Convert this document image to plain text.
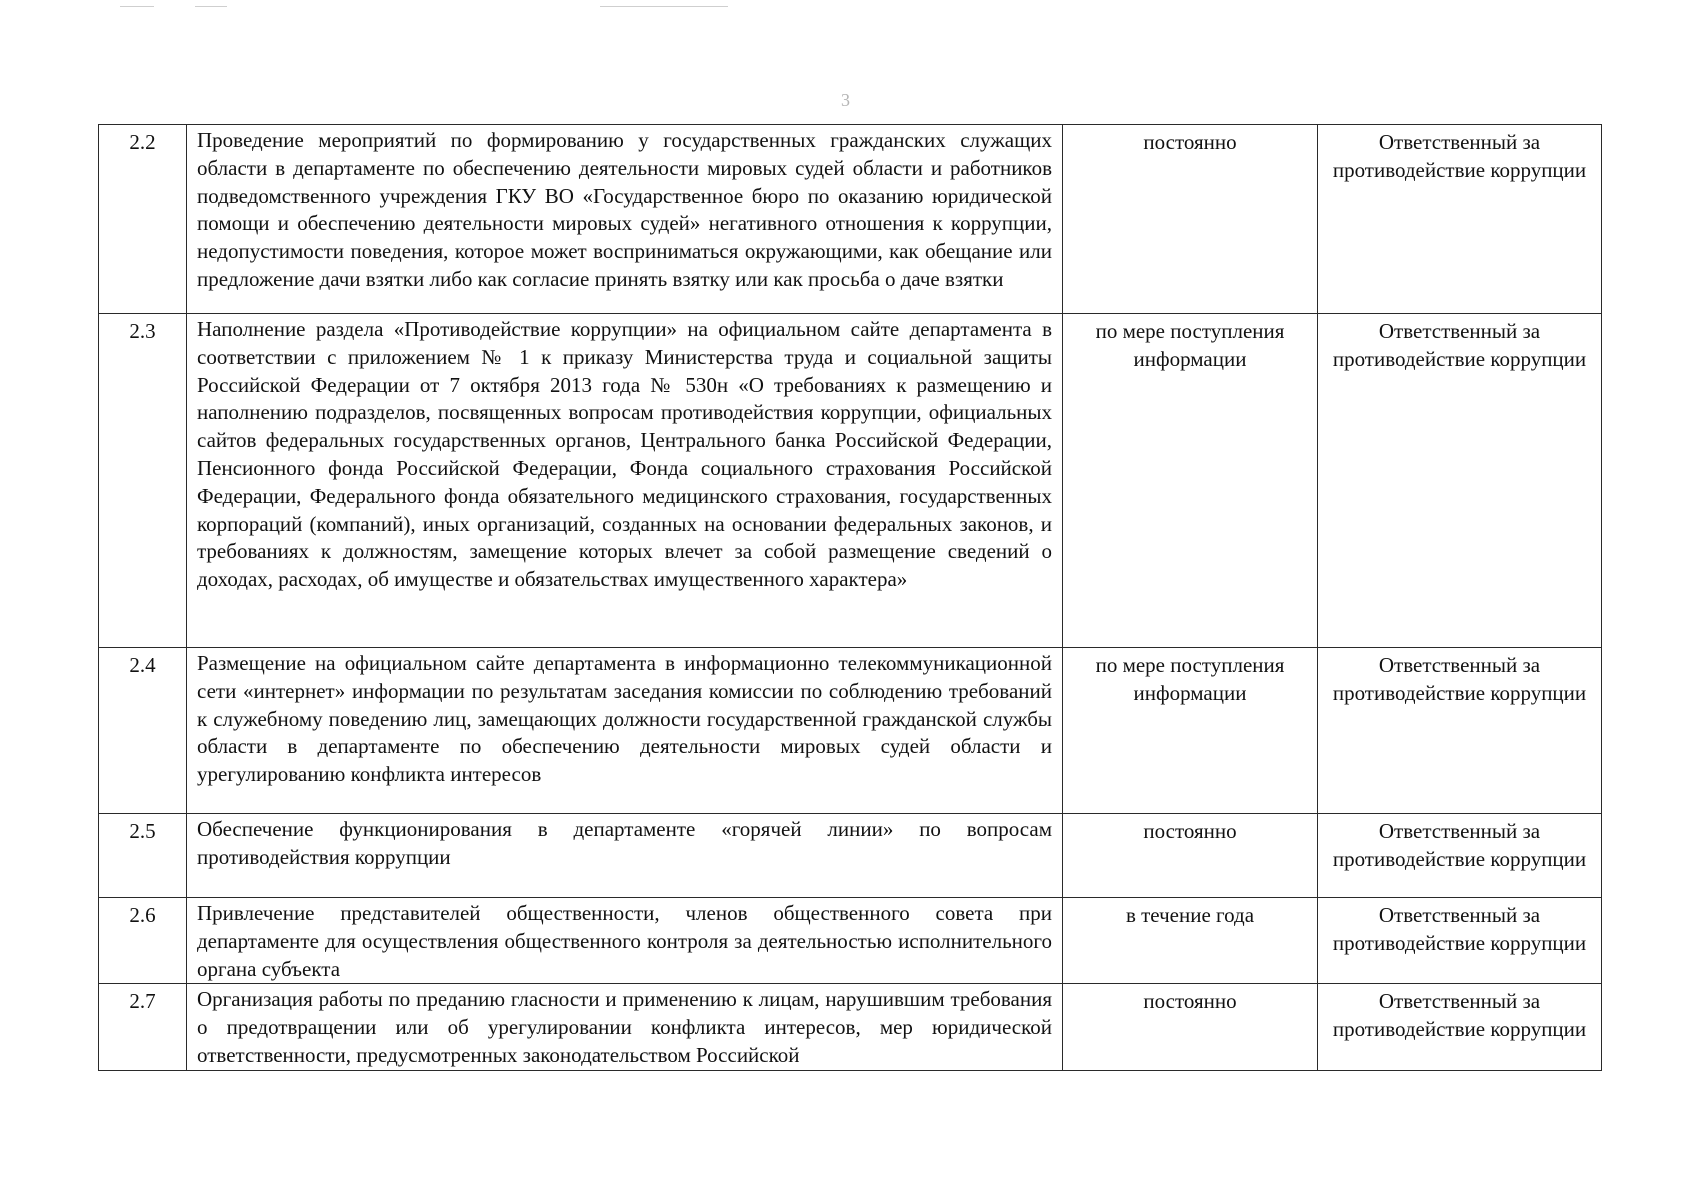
3
2.2	Проведение мероприятий по формированию у государственных гражданских служащих области в департаменте по обеспечению деятельности мировых судей области и работников подведомственного учреждения ГКУ ВО «Государственное бюро по оказанию юридической помощи и обеспечению деятельности мировых судей» негативного отношения к коррупции, недопустимости поведения, которое может восприниматься окружающими, как обещание или предложение дачи взятки либо как согласие принять взятку или как просьба о даче взятки	постоянно	Ответственный за противодействие коррупции
2.3	Наполнение раздела «Противодействие коррупции» на официальном сайте департамента в соответствии с приложением № 1 к приказу Министерства труда и социальной защиты Российской Федерации от 7 октября 2013 года № 530н «О требованиях к размещению и наполнению подразделов, посвященных вопросам противодействия коррупции, официальных сайтов федеральных государственных органов, Центрального банка Российской Федерации, Пенсионного фонда Российской Федерации, Фонда социального страхования Российской Федерации, Федерального фонда обязательного медицинского страхования, государственных корпораций (компаний), иных организаций, созданных на основании федеральных законов, и требованиях к должностям, замещение которых влечет за собой размещение сведений о доходах, расходах, об имуществе и обязательствах имущественного характера»	по мере поступления информации	Ответственный за противодействие коррупции
2.4	Размещение на официальном сайте департамента в информационно телекоммуникационной сети «интернет» информации по результатам заседания комиссии по соблюдению требований к служебному поведению лиц, замещающих должности государственной гражданской службы области в департаменте по обеспечению деятельности мировых судей области и урегулированию конфликта интересов	по мере поступления информации	Ответственный за противодействие коррупции
2.5	Обеспечение функционирования в департаменте «горячей линии» по вопросам противодействия коррупции	постоянно	Ответственный за противодействие коррупции
2.6	Привлечение представителей общественности, членов общественного совета при департаменте для осуществления общественного контроля за деятельностью исполнительного органа субъекта	в течение года	Ответственный за противодействие коррупции
2.7	Организация работы по преданию гласности и применению к лицам, нарушившим требования о предотвращении или об урегулировании конфликта интересов, мер юридической ответственности, предусмотренных законодательством Российской	постоянно	Ответственный за противодействие коррупции
